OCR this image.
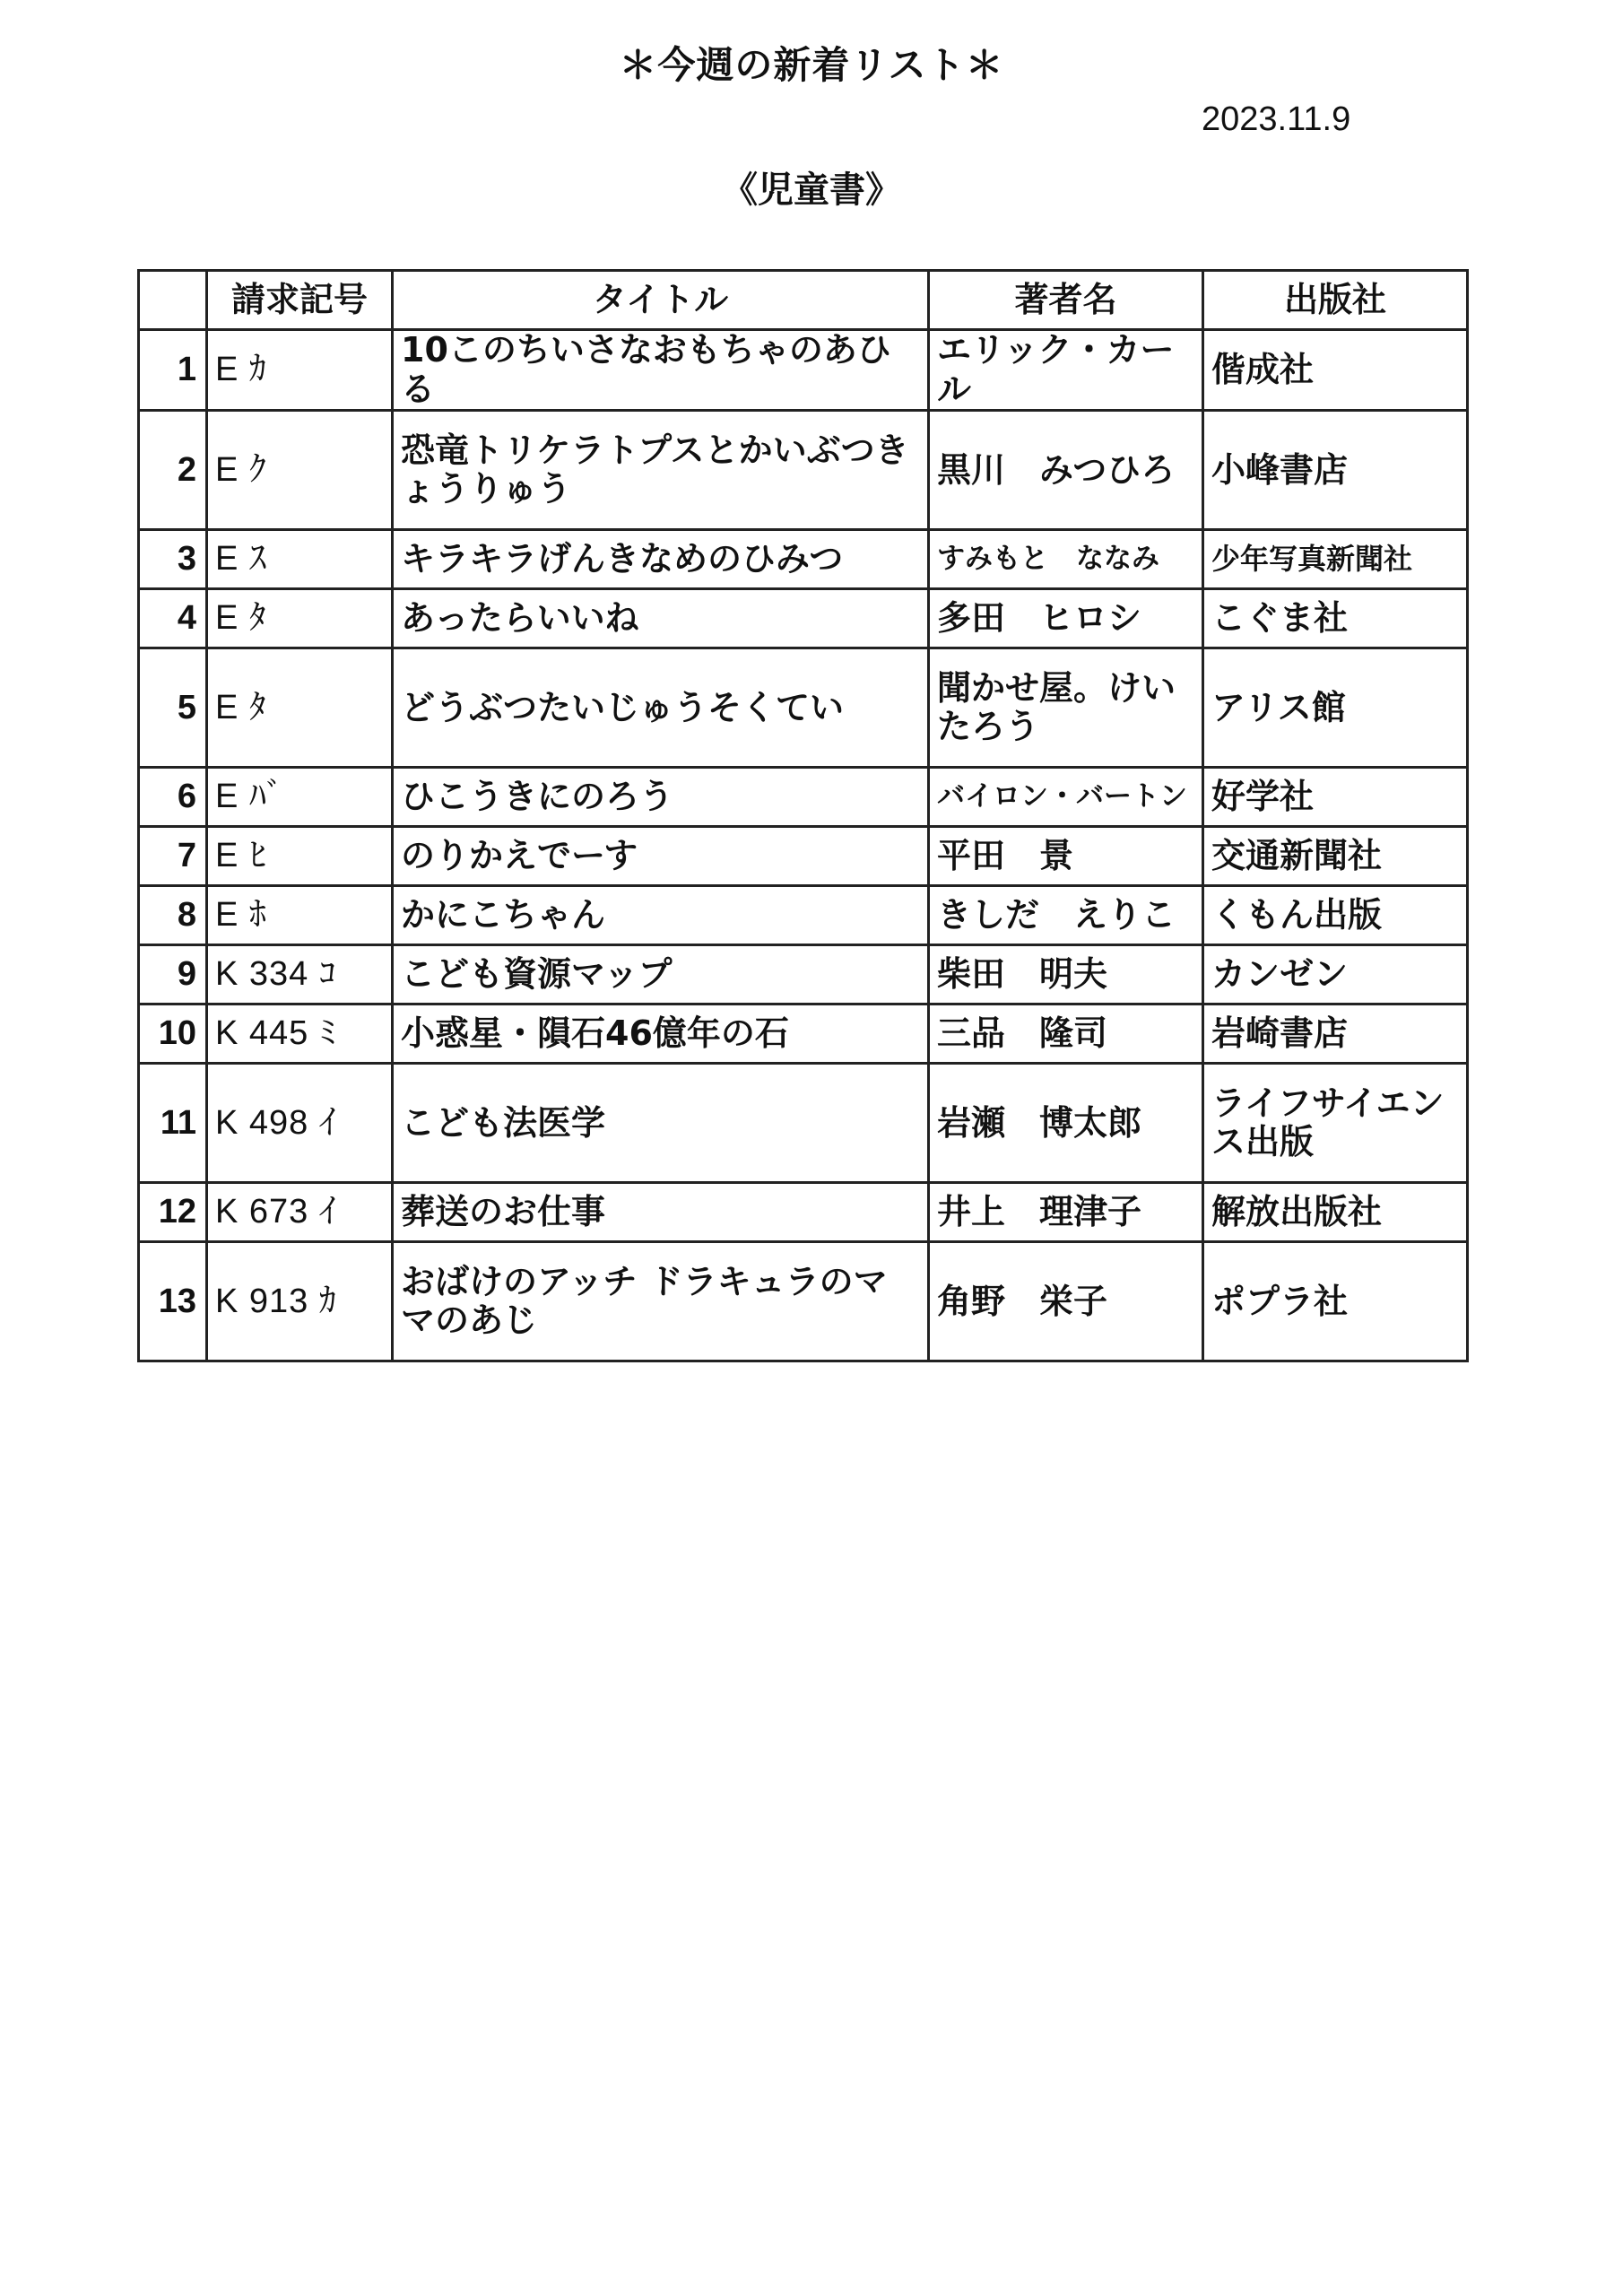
＊今週の新着リスト＊
2023.11.9
《児童書》
	請求記号	タイトル	著者名	出版社
1	E ｶ	10このちいさなおもちゃのあひる	エリック・カール	偕成社
2	E ｸ	恐竜トリケラトプスとかいぶつきょうりゅう	黒川　みつひろ	小峰書店
3	E ｽ	キラキラげんきなめのひみつ	すみもと　ななみ	少年写真新聞社
4	E ﾀ	あったらいいね	多田　ヒロシ	こぐま社
5	E ﾀ	どうぶつたいじゅうそくてい	聞かせ屋。けいたろう	アリス館
6	E ﾊﾞ	ひこうきにのろう	バイロン・バートン	好学社
7	E ﾋ	のりかえでーす	平田　景	交通新聞社
8	E ﾎ	かにこちゃん	きしだ　えりこ	くもん出版
9	K 334 ｺ	こども資源マップ	柴田　明夫	カンゼン
10	K 445 ﾐ	小惑星・隕石46億年の石	三品　隆司	岩崎書店
11	K 498 ｲ	こども法医学	岩瀬　博太郎	ライフサイエンス出版
12	K 673 ｲ	葬送のお仕事	井上　理津子	解放出版社
13	K 913 ｶ	おばけのアッチ ドラキュラのママのあじ	角野　栄子	ポプラ社
